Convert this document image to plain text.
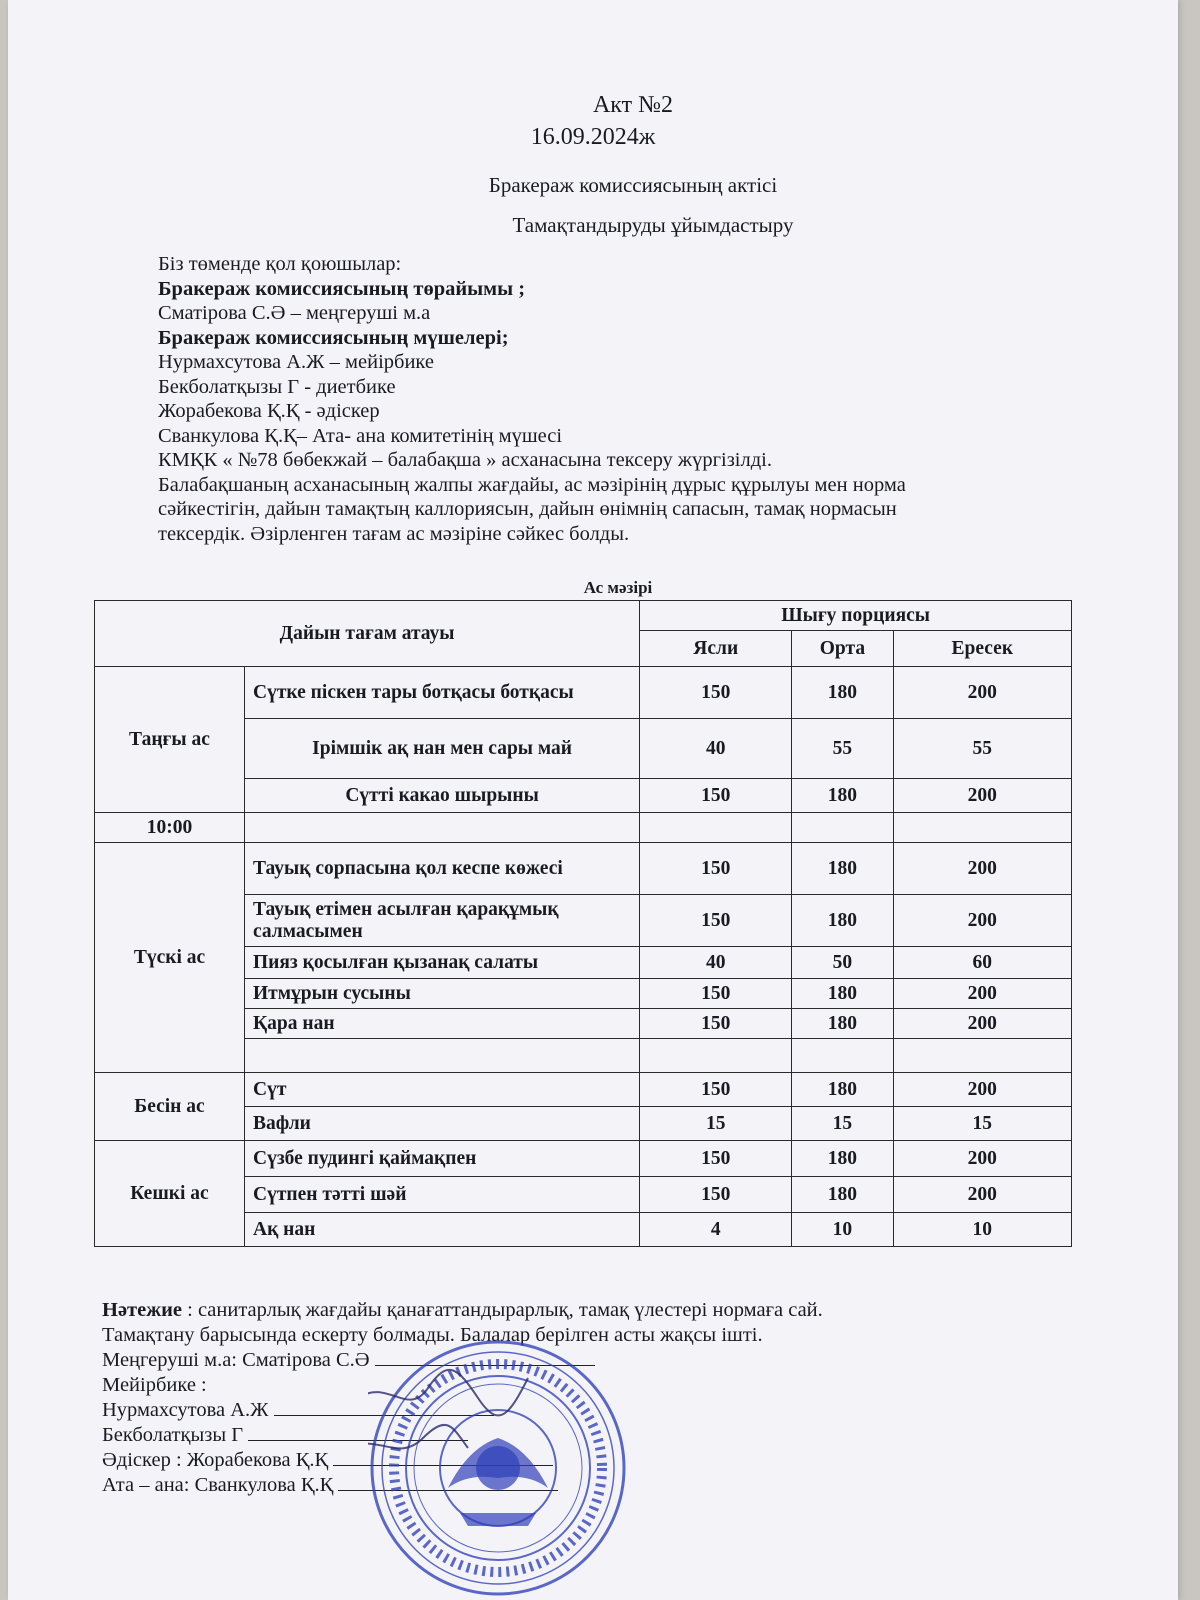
Акт №2
16.09.2024ж
Бракераж комиссиясының актісі
Тамақтандыруды ұйымдастыру
Біз төменде қол қоюшылар:
Бракераж комиссиясының төрайымы ;
Сматірова С.Ә – меңгеруші м.а
Бракераж комиссиясының мүшелері;
Нурмахсутова А.Ж – мейірбике
Бекболатқызы Г - диетбике
Жорабекова Қ.Қ - әдіскер
Сванкулова Қ.Қ– Ата- ана комитетінің мүшесі
КМҚК « №78 бөбекжай – балабақша » асханасына тексеру жүргізілді.
Балабақшаның асханасының жалпы жағдайы, ас мәзірінің дұрыс құрылуы мен норма
сәйкестігін, дайын тамақтың каллориясын, дайын өнімнің сапасын, тамақ нормасын
тексердік. Әзірленген тағам ас мәзіріне сәйкес болды.
Ас мәзірі
Дайын тағам атауы		Шығу порциясы		
		Ясли	Орта	Ересек
Таңғы ас	Сүтке піскен тары ботқасы ботқасы	150	180	200
	Ірімшік ақ нан мен сары май	40	55	55
	Сүтті какао шырыны	150	180	200
10:00				
Түскі ас	Тауық сорпасына қол кеспе көжесі	150	180	200
	Тауық етімен асылған қарақұмық салмасымен	150	180	200
	Пияз қосылған қызанақ салаты	40	50	60
	Итмұрын сусыны	150	180	200
	Қара нан	150	180	200

Бесін ас	Сүт	150	180	200
	Вафли	15	15	15
Кешкі ас	Сүзбе пудингі қаймақпен	150	180	200
	Сүтпен тәтті шәй	150	180	200
	Ақ нан	4	10	10
Нәтежие : санитарлық жағдайы қанағаттандырарлық, тамақ үлестері нормаға сай.
Тамақтану барысында ескерту болмады. Балалар берілген асты жақсы ішті.
Меңгеруші м.а: Сматірова С.Ә
Мейірбике :
Нурмахсутова А.Ж
Бекболатқызы Г
Әдіскер : Жорабекова Қ.Қ
Ата – ана: Сванкулова Қ.Қ
